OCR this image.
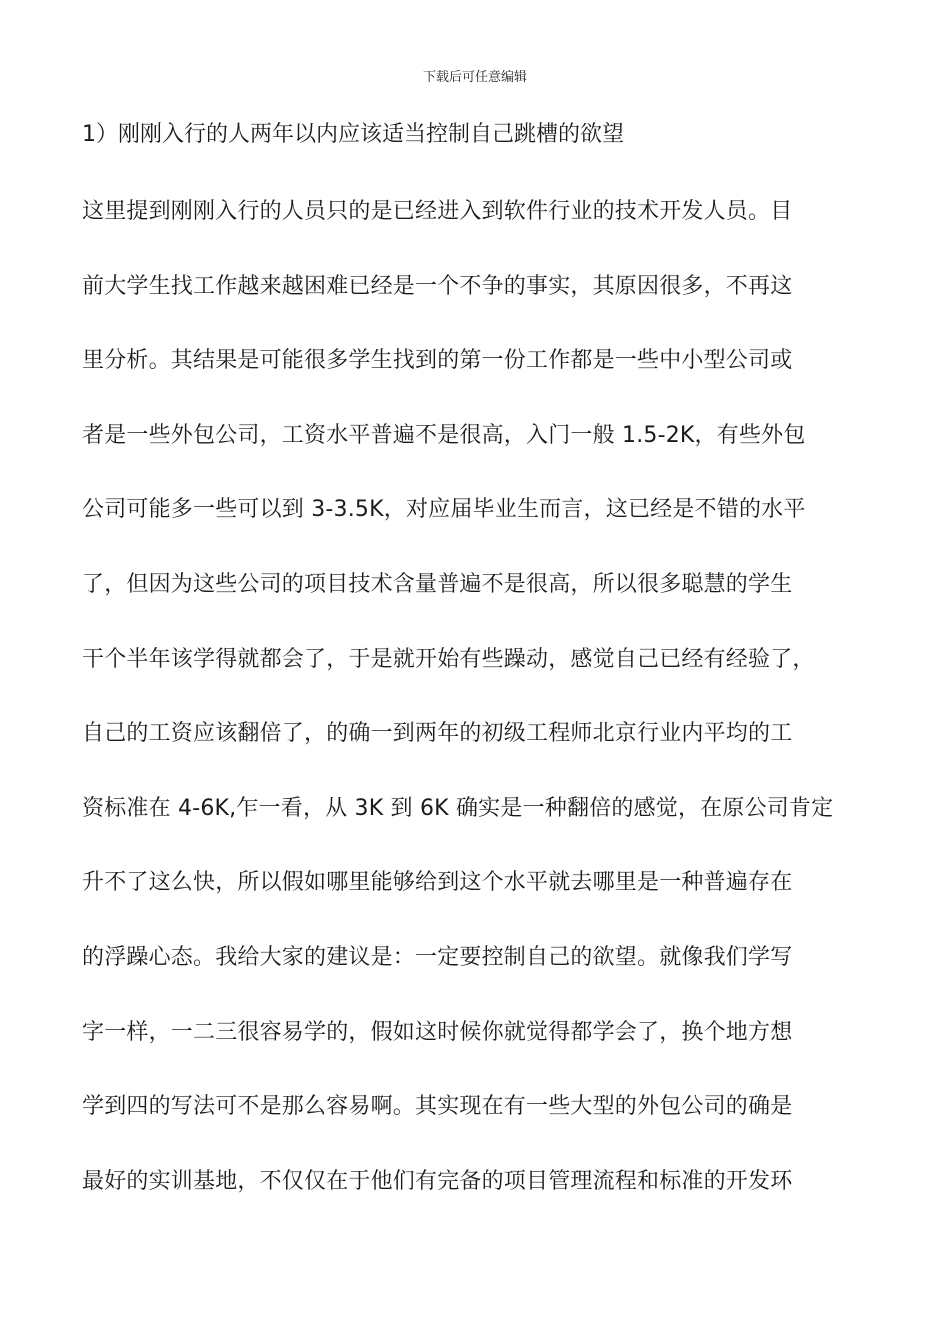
下载后可任意编辑
1）刚刚入行的人两年以内应该适当控制自己跳槽的欲望
这里提到刚刚入行的人员只的是已经进入到软件行业的技术开发人员。目
前大学生找工作越来越困难已经是一个不争的事实，其原因很多，不再这
里分析。其结果是可能很多学生找到的第一份工作都是一些中小型公司或
者是一些外包公司，工资水平普遍不是很高，入门一般 1.5-2K，有些外包
公司可能多一些可以到 3-3.5K，对应届毕业生而言，这已经是不错的水平
了，但因为这些公司的项目技术含量普遍不是很高，所以很多聪慧的学生
干个半年该学得就都会了，于是就开始有些躁动，感觉自己已经有经验了，
自己的工资应该翻倍了，的确一到两年的初级工程师北京行业内平均的工
资标准在 4-6K,乍一看，从 3K 到 6K 确实是一种翻倍的感觉，在原公司肯定
升不了这么快，所以假如哪里能够给到这个水平就去哪里是一种普遍存在
的浮躁心态。我给大家的建议是：一定要控制自己的欲望。就像我们学写
字一样，一二三很容易学的，假如这时候你就觉得都学会了，换个地方想
学到四的写法可不是那么容易啊。其实现在有一些大型的外包公司的确是
最好的实训基地，不仅仅在于他们有完备的项目管理流程和标准的开发环
